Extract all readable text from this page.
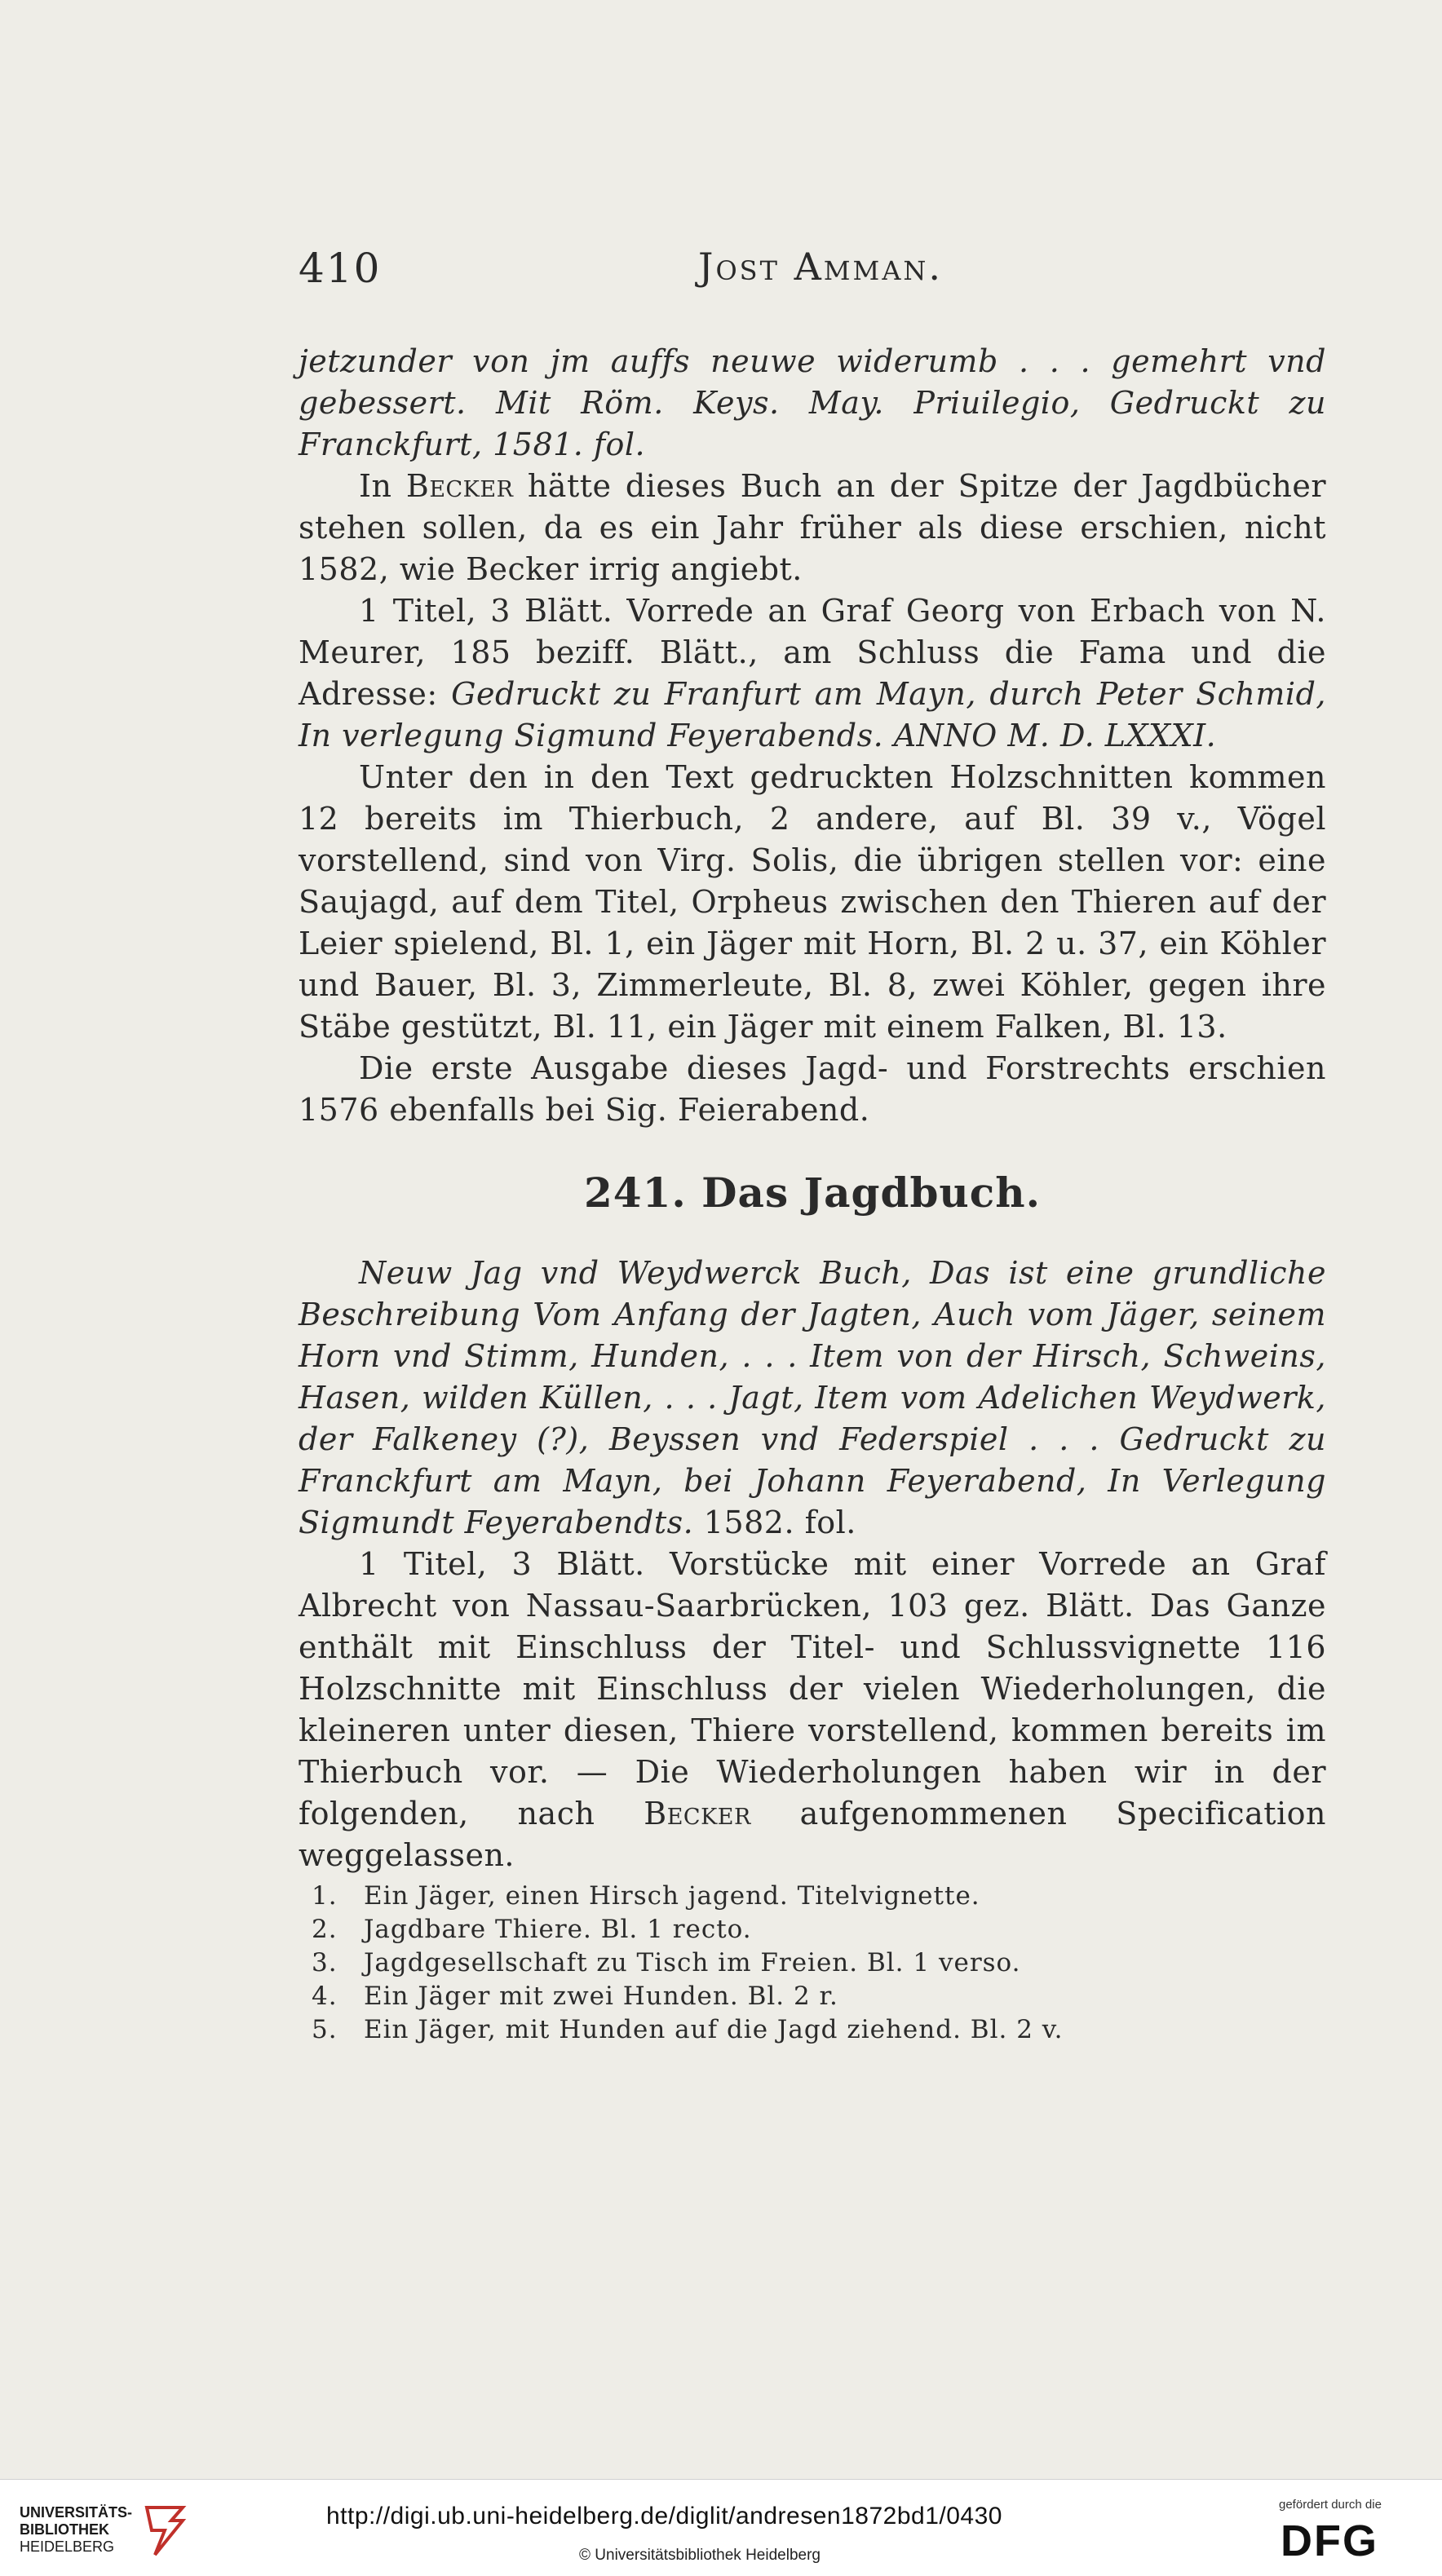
410	Jost Amman.

jetzunder von jm auffs neuwe widerumb . . . gemehrt vnd gebessert. Mit Röm. Keys. May. Priuilegio, Gedruckt zu Franckfurt, 1581. fol.

In Becker hätte dieses Buch an der Spitze der Jagdbücher stehen sollen, da es ein Jahr früher als diese erschien, nicht 1582, wie Becker irrig angiebt.

1 Titel, 3 Blätt. Vorrede an Graf Georg von Erbach von N. Meurer, 185 beziff. Blätt., am Schluss die Fama und die Adresse: Gedruckt zu Franfurt am Mayn, durch Peter Schmid, In verlegung Sigmund Feyerabends. ANNO M. D. LXXXI.

Unter den in den Text gedruckten Holzschnitten kommen 12 bereits im Thierbuch, 2 andere, auf Bl. 39 v., Vögel vorstellend, sind von Virg. Solis, die übrigen stellen vor: eine Saujagd, auf dem Titel, Orpheus zwischen den Thieren auf der Leier spielend, Bl. 1, ein Jäger mit Horn, Bl. 2 u. 37, ein Köhler und Bauer, Bl. 3, Zimmerleute, Bl. 8, zwei Köhler, gegen ihre Stäbe gestützt, Bl. 11, ein Jäger mit einem Falken, Bl. 13.

Die erste Ausgabe dieses Jagd- und Forstrechts erschien 1576 ebenfalls bei Sig. Feierabend.

241. Das Jagdbuch.

Neuw Jag vnd Weydwerck Buch, Das ist eine grundliche Beschreibung Vom Anfang der Jagten, Auch vom Jäger, seinem Horn vnd Stimm, Hunden, . . . Item von der Hirsch, Schweins, Hasen, wilden Küllen, . . . Jagt, Item vom Adelichen Weydwerk, der Falkeney (?), Beyssen vnd Federspiel . . . Gedruckt zu Franckfurt am Mayn, bei Johann Feyerabend, In Verlegung Sigmundt Feyerabendts. 1582. fol.

1 Titel, 3 Blätt. Vorstücke mit einer Vorrede an Graf Albrecht von Nassau-Saarbrücken, 103 gez. Blätt. Das Ganze enthält mit Einschluss der Titel- und Schlussvignette 116 Holzschnitte mit Einschluss der vielen Wiederholungen, die kleineren unter diesen, Thiere vorstellend, kommen bereits im Thierbuch vor. — Die Wiederholungen haben wir in der folgenden, nach Becker aufgenommenen Specification weggelassen.

1.	Ein Jäger, einen Hirsch jagend. Titelvignette.
2.	Jagdbare Thiere. Bl. 1 recto.
3.	Jagdgesellschaft zu Tisch im Freien. Bl. 1 verso.
4.	Ein Jäger mit zwei Hunden. Bl. 2 r.
5.	Ein Jäger, mit Hunden auf die Jagd ziehend. Bl. 2 v.
UNIVERSITÄTS-
BIBLIOTHEK
HEIDELBERG
http://digi.ub.uni-heidelberg.de/diglit/andresen1872bd1/0430
© Universitätsbibliothek Heidelberg
gefördert durch die
DFG
